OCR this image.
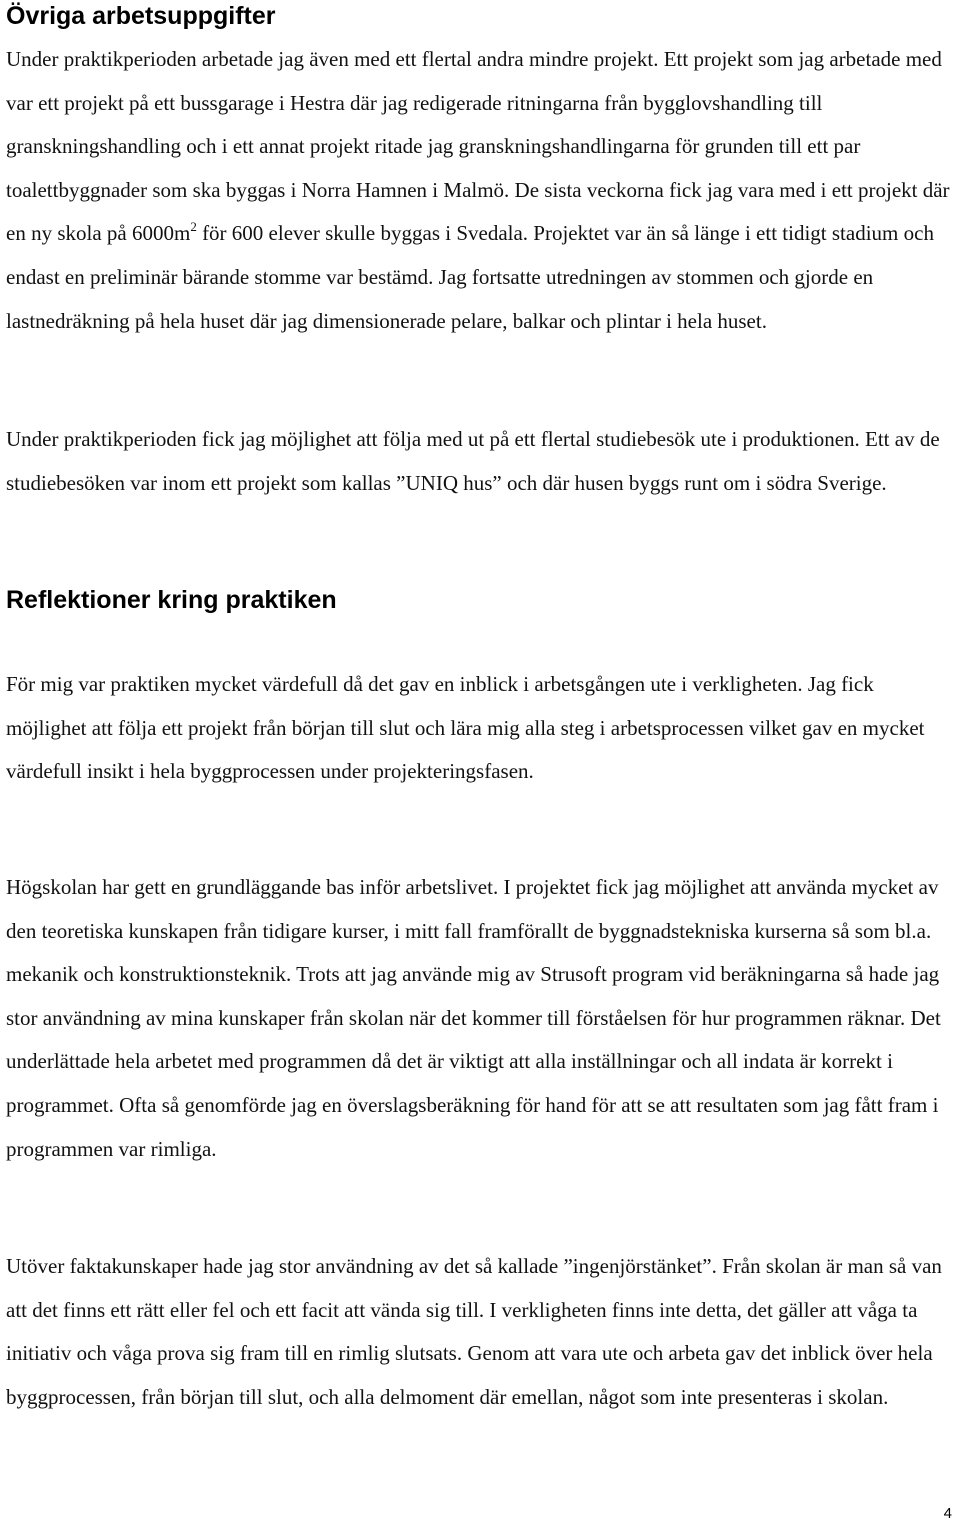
Övriga arbetsuppgifter

Under praktikperioden arbetade jag även med ett flertal andra mindre projekt. Ett projekt som jag arbetade med var ett projekt på ett bussgarage i Hestra där jag redigerade ritningarna från bygglovshandling till granskningshandling och i ett annat projekt ritade jag granskningshandlingarna för grunden till ett par toalettbyggnader som ska byggas i Norra Hamnen i Malmö. De sista veckorna fick jag vara med i ett projekt där en ny skola på $6000m^2$ för 600 elever skulle byggas i Svedala. Projektet var än så länge i ett tidigt stadium och endast en preliminär bärande stomme var bestämd. Jag fortsatte utredningen av stommen och gjorde en lastnedräkning på hela huset där jag dimensionerade pelare, balkar och plintar i hela huset.

Under praktikperioden fick jag möjlighet att följa med ut på ett flertal studiebesök ute i produktionen. Ett av de studiebesöken var inom ett projekt som kallas ”UNIQ hus” och där husen byggs runt om i södra Sverige.

Reflektioner kring praktiken

För mig var praktiken mycket värdefull då det gav en inblick i arbetsgången ute i verkligheten. Jag fick möjlighet att följa ett projekt från början till slut och lära mig alla steg i arbetsprocessen vilket gav en mycket värdefull insikt i hela byggprocessen under projekteringsfasen.

Högskolan har gett en grundläggande bas inför arbetslivet. I projektet fick jag möjlighet att använda mycket av den teoretiska kunskapen från tidigare kurser, i mitt fall framförallt de byggnadstekniska kurserna så som bl.a. mekanik och konstruktionsteknik. Trots att jag använde mig av Strusoft program vid beräkningarna så hade jag stor användning av mina kunskaper från skolan när det kommer till förståelsen för hur programmen räknar. Det underlättade hela arbetet med programmen då det är viktigt att alla inställningar och all indata är korrekt i programmet. Ofta så genomförde jag en överslagsberäkning för hand för att se att resultaten som jag fått fram i programmen var rimliga.

Utöver faktakunskaper hade jag stor användning av det så kallade ”ingenjörstänket”. Från skolan är man så van att det finns ett rätt eller fel och ett facit att vända sig till. I verkligheten finns inte detta, det gäller att våga ta initiativ och våga prova sig fram till en rimlig slutsats. Genom att vara ute och arbeta gav det inblick över hela byggprocessen, från början till slut, och alla delmoment där emellan, något som inte presenteras i skolan.

4
